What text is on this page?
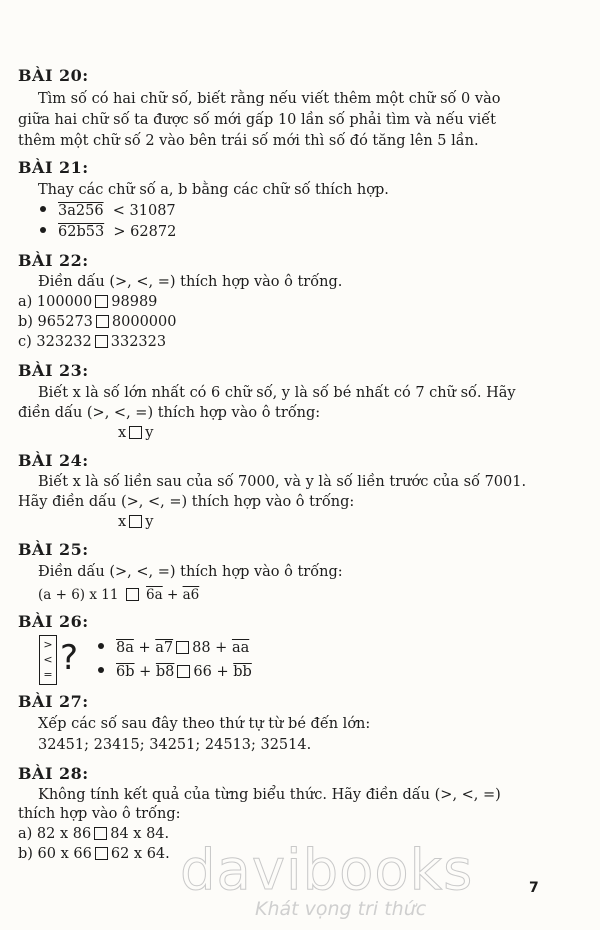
BÀI 20:

Tìm số có hai chữ số, biết rằng nếu viết thêm một chữ số 0 vào

giữa hai chữ số ta được số mới gấp 10 lần số phải tìm và nếu viết

thêm một chữ số 2 vào bên trái số mới thì số đó tăng lên 5 lần.

BÀI 21:

Thay các chữ số a, b bằng các chữ số thích hợp.

3a256 < 31087

62b53 > 62872

BÀI 22:

Điền dấu (>, <, =) thích hợp vào ô trống.

a) 100000 98989

b) 965273 8000000

c) 323232 332323

BÀI 23:

Biết x là số lớn nhất có 6 chữ số, y là số bé nhất có 7 chữ số. Hãy

điền dấu (>, <, =) thích hợp vào ô trống:

x y

BÀI 24:

Biết x là số liền sau của số 7000, và y là số liền trước của số 7001.

Hãy điền dấu (>, <, =) thích hợp vào ô trống:

x y

BÀI 25:

Điền dấu (>, <, =) thích hợp vào ô trống:

(a + 6) x 11 6a + a6

BÀI 26:
>
<
= ?	8a + a7 $88 + \overline{aa}$

6b + b8 $66 + \overline{bb}$

BÀI 27:

Xếp các số sau đây theo thứ tự từ bé đến lớn:

32451; 23415; 34251; 24513; 32514.

BÀI 28:

Không tính kết quả của từng biểu thức. Hãy điền dấu (>, <, =)

thích hợp vào ô trống:

a) 82 x 86 84 x 84.

b) 60 x 66 62 x 64. davibooks
Khát vọng tri thức
7
